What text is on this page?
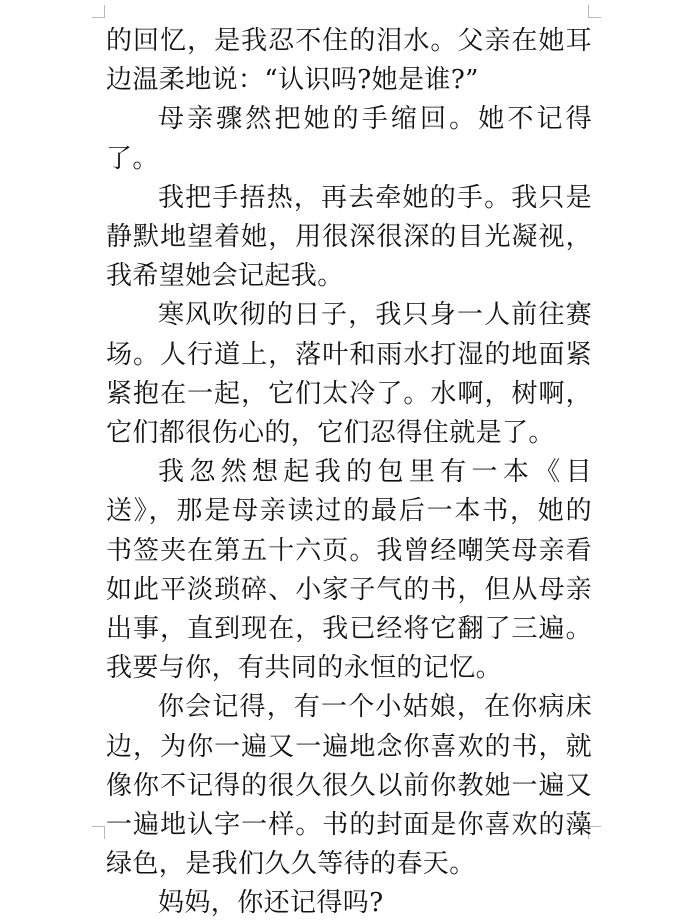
的回忆，是我忍不住的泪水。父亲在她耳边温柔地说：“认识吗?她是谁?”

母亲骤然把她的手缩回。她不记得了。

我把手捂热，再去牵她的手。我只是静默地望着她，用很深很深的目光凝视，我希望她会记起我。

寒风吹彻的日子，我只身一人前往赛场。人行道上，落叶和雨水打湿的地面紧紧抱在一起，它们太冷了。水啊，树啊，它们都很伤心的，它们忍得住就是了。

我忽然想起我的包里有一本《目送》，那是母亲读过的最后一本书，她的书签夹在第五十六页。我曾经嘲笑母亲看如此平淡琐碎、小家子气的书，但从母亲出事，直到现在，我已经将它翻了三遍。我要与你，有共同的永恒的记忆。

你会记得，有一个小姑娘，在你病床边，为你一遍又一遍地念你喜欢的书，就像你不记得的很久很久以前你教她一遍又一遍地认字一样。书的封面是你喜欢的藻绿色，是我们久久等待的春天。

妈妈，你还记得吗?
